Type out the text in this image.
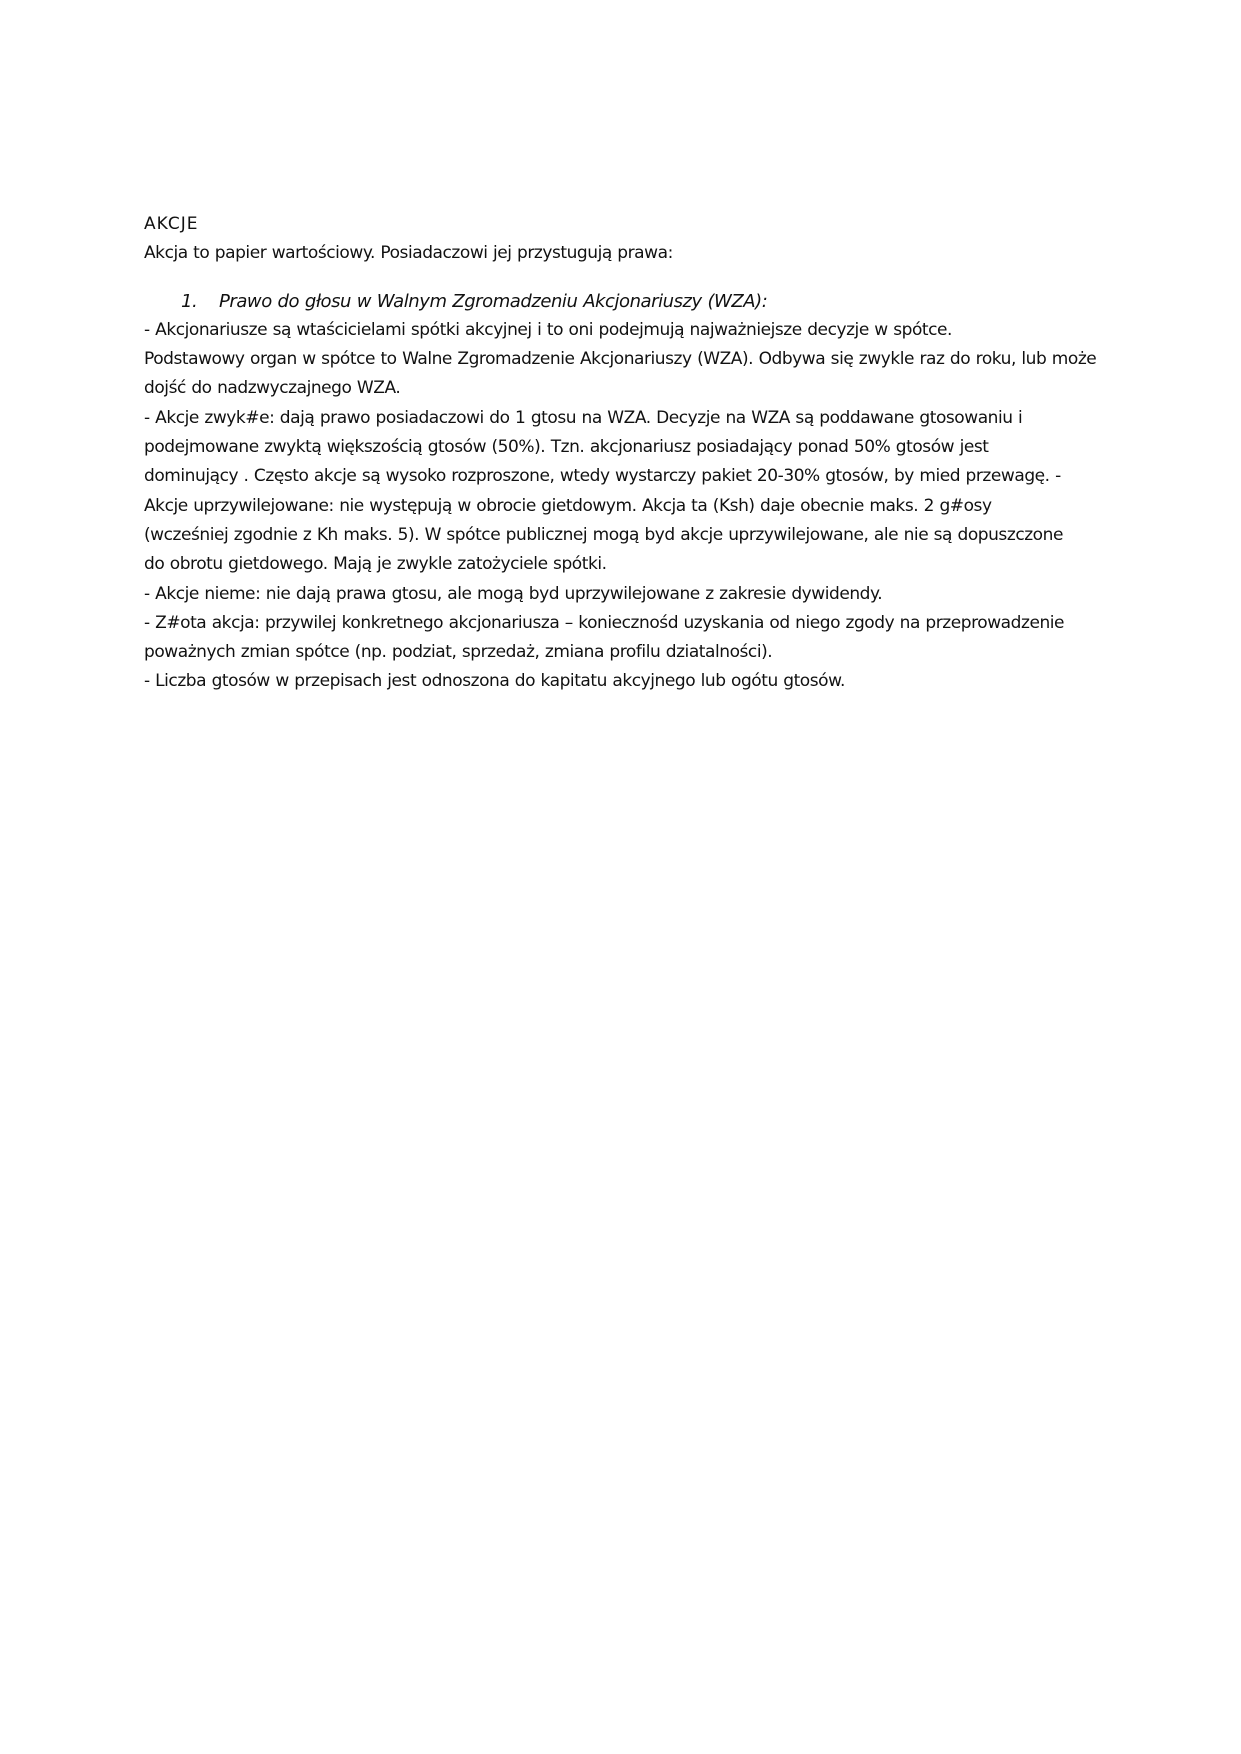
AKCJE
Akcja to papier wartościowy. Posiadaczowi jej przystugują prawa:
1. Prawo do głosu w Walnym Zgromadzeniu Akcjonariuszy (WZA):
- Akcjonariusze są wtaścicielami spótki akcyjnej i to oni podejmują najważniejsze decyzje w spótce.
Podstawowy organ w spótce to Walne Zgromadzenie Akcjonariuszy (WZA). Odbywa się zwykle raz do roku, lub może
dojść do nadzwyczajnego WZA.
- Akcje zwyk#e: dają prawo posiadaczowi do 1 gtosu na WZA. Decyzje na WZA są poddawane gtosowaniu i
podejmowane zwyktą większością gtosów (50%). Tzn. akcjonariusz posiadający ponad 50% gtosów jest
dominujący . Często akcje są wysoko rozproszone, wtedy wystarczy pakiet 20-30% gtosów, by mied przewagę. -
Akcje uprzywilejowane: nie występują w obrocie gietdowym. Akcja ta (Ksh) daje obecnie maks. 2 g#osy
(wcześniej zgodnie z Kh maks. 5). W spótce publicznej mogą byd akcje uprzywilejowane, ale nie są dopuszczone
do obrotu gietdowego. Mają je zwykle zatożyciele spótki.
- Akcje nieme: nie dają prawa gtosu, ale mogą byd uprzywilejowane z zakresie dywidendy.
- Z#ota akcja: przywilej konkretnego akcjonariusza – koniecznośd uzyskania od niego zgody na przeprowadzenie
poważnych zmian spótce (np. podziat, sprzedaż, zmiana profilu dziatalności).
- Liczba gtosów w przepisach jest odnoszona do kapitatu akcyjnego lub ogótu gtosów.
